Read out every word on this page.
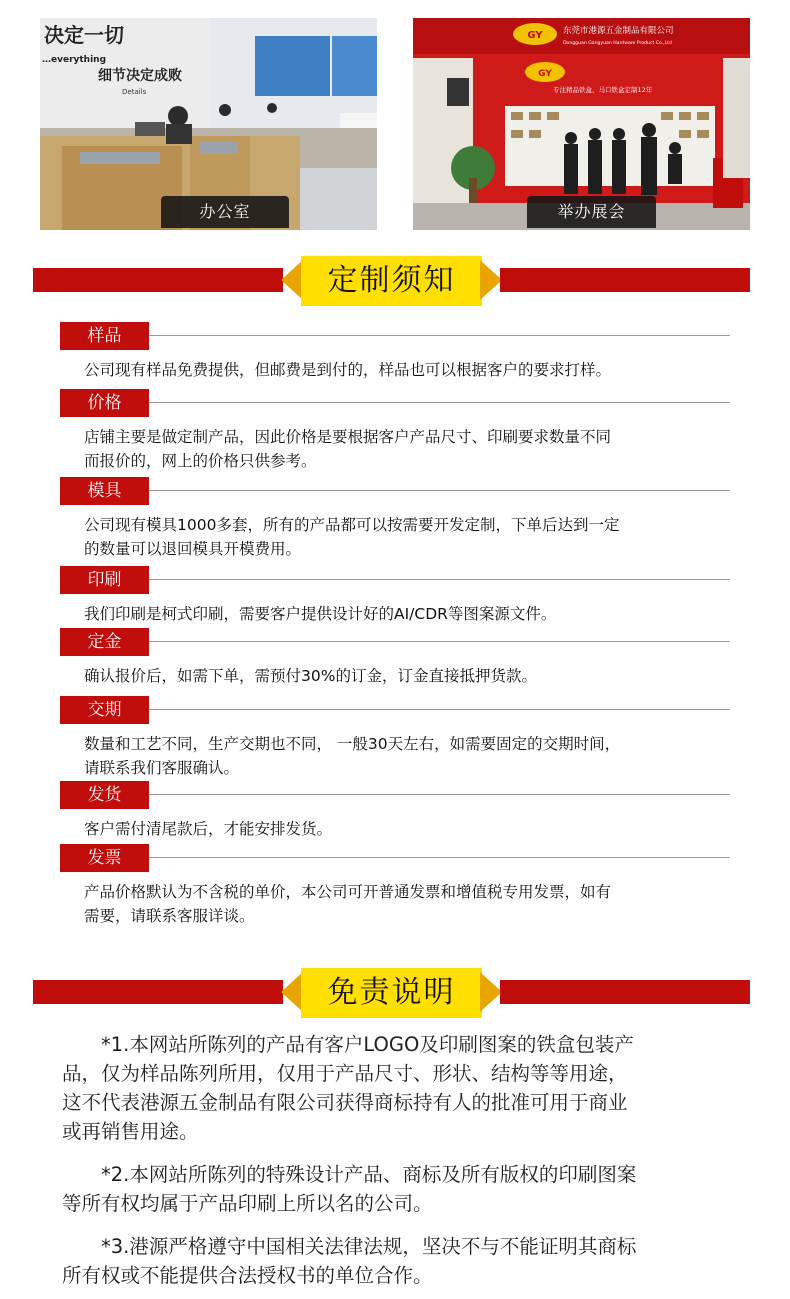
决定一切
…everything
细节决定成败
Details
办公室
GY 东莞市港源五金制品有限公司
Dongguan Gangyuan Hardware Product Co.,Ltd
GY
专注精品铁盒、马口铁盒定制12年
举办展会
定制须知
样品
公司现有样品免费提供，但邮费是到付的，样品也可以根据客户的要求打样。
价格
店铺主要是做定制产品，因此价格是要根据客户产品尺寸、印刷要求数量不同
而报价的，网上的价格只供参考。
模具
公司现有模具1000多套，所有的产品都可以按需要开发定制，下单后达到一定
的数量可以退回模具开模费用。
印刷
我们印刷是柯式印刷，需要客户提供设计好的AI/CDR等图案源文件。
定金
确认报价后，如需下单，需预付30%的订金，订金直接抵押货款。
交期
数量和工艺不同，生产交期也不同， 一般30天左右，如需要固定的交期时间，
请联系我们客服确认。
发货
客户需付清尾款后，才能安排发货。
发票
产品价格默认为不含税的单价，本公司可开普通发票和增值税专用发票，如有
需要，请联系客服详谈。
免责说明
*1.本网站所陈列的产品有客户LOGO及印刷图案的铁盒包装产
品，仅为样品陈列所用，仅用于产品尺寸、形状、结构等等用途，
这不代表港源五金制品有限公司获得商标持有人的批准可用于商业
或再销售用途。
*2.本网站所陈列的特殊设计产品、商标及所有版权的印刷图案
等所有权均属于产品印刷上所以名的公司。
*3.港源严格遵守中国相关法律法规，坚决不与不能证明其商标
所有权或不能提供合法授权书的单位合作。
